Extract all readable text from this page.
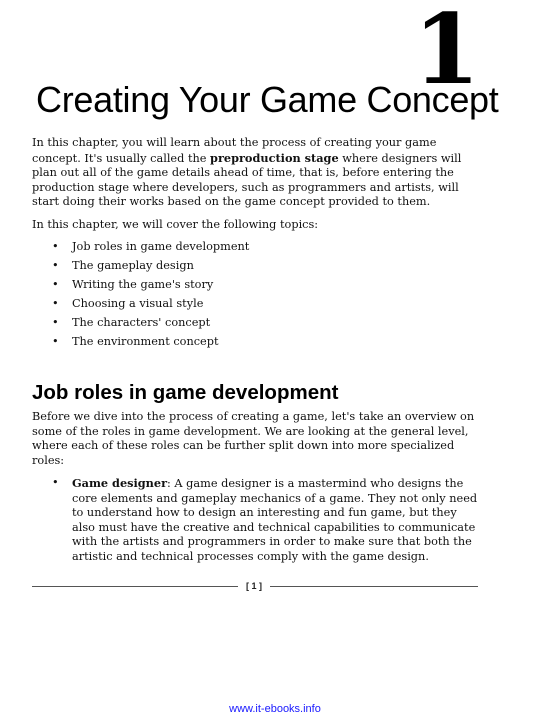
1
Creating Your Game Concept

In this chapter, you will learn about the process of creating your game concept. It's usually called the preproduction stage where designers will plan out all of the game details ahead of time, that is, before entering the production stage where developers, such as programmers and artists, will start doing their works based on the game concept provided to them.

In this chapter, we will cover the following topics:

• Job roles in game development
• The gameplay design
• Writing the game's story
• Choosing a visual style
• The characters' concept
• The environment concept
Job roles in game development

Before we dive into the process of creating a game, let's take an overview on some of the roles in game development. We are looking at the general level, where each of these roles can be further split down into more specialized roles:

• Game designer: A game designer is a mastermind who designs the core elements and gameplay mechanics of a game. They not only need to understand how to design an interesting and fun game, but they also must have the creative and technical capabilities to communicate with the artists and programmers in order to make sure that both the artistic and technical processes comply with the game design.
[ 1 ]
www.it-ebooks.info
